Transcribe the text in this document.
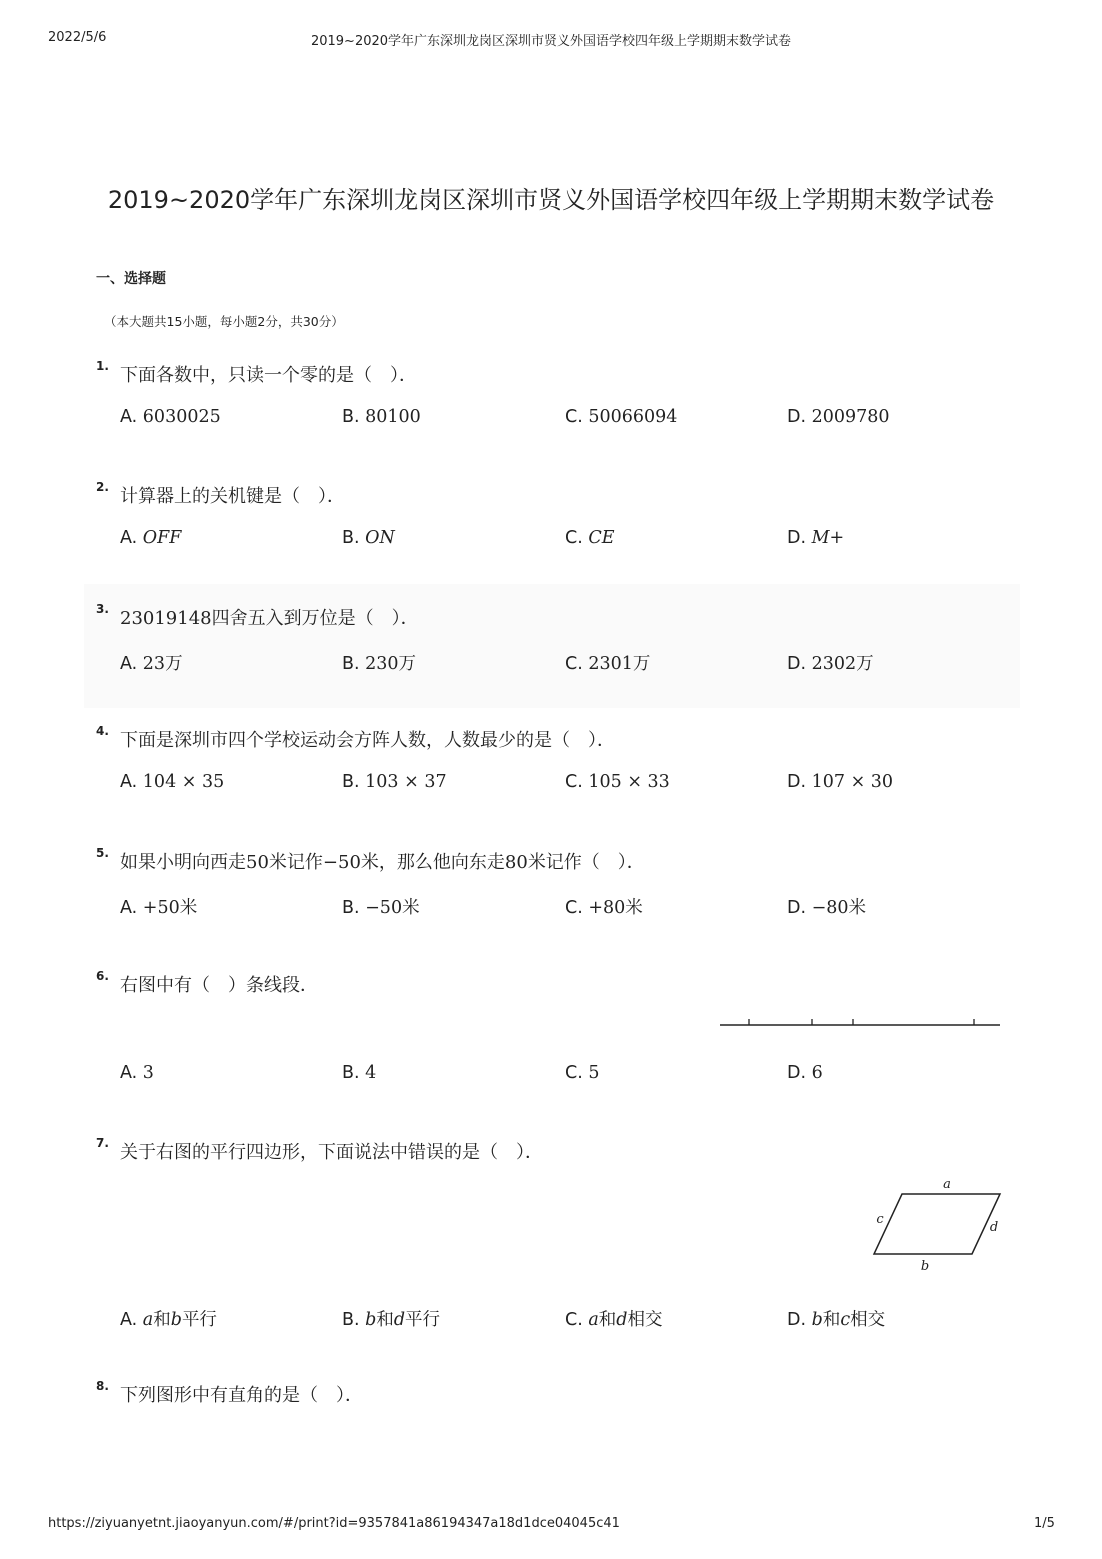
2022/5/6	2019~2020学年广东深圳龙岗区深圳市贤义外国语学校四年级上学期期末数学试卷
2019~2020学年广东深圳龙岗区深圳市贤义外国语学校四年级上学期期末数学试卷
一、选择题
（本大题共15小题，每小题2分，共30分）
1. 下面各数中，只读一个零的是（　）．
A. 6030025	B. 80100	C. 50066094	D. 2009780
2. 计算器上的关机键是（　）．
A. OFF	B. ON	C. CE	D. M+
3. 23019148四舍五入到万位是（　）．
A. 23万	B. 230万	C. 2301万	D. 2302万
4. 下面是深圳市四个学校运动会方阵人数，人数最少的是（　）．
A. 104 × 35	B. 103 × 37	C. 105 × 33	D. 107 × 30
5. 如果小明向西走50米记作−50米，那么他向东走80米记作（　）．
A. +50米	B. −50米	C. +80米	D. −80米
6. 右图中有（　）条线段．
A. 3	B. 4	C. 5	D. 6
7. 关于右图的平行四边形，下面说法中错误的是（　）．
a
b
c
d
A. a和b平行	B. b和d平行	C. a和d相交	D. b和c相交
8. 下列图形中有直角的是（　）．
https://ziyuanyetnt.jiaoyanyun.com/#/print?id=9357841a86194347a18d1dce04045c41	1/5
